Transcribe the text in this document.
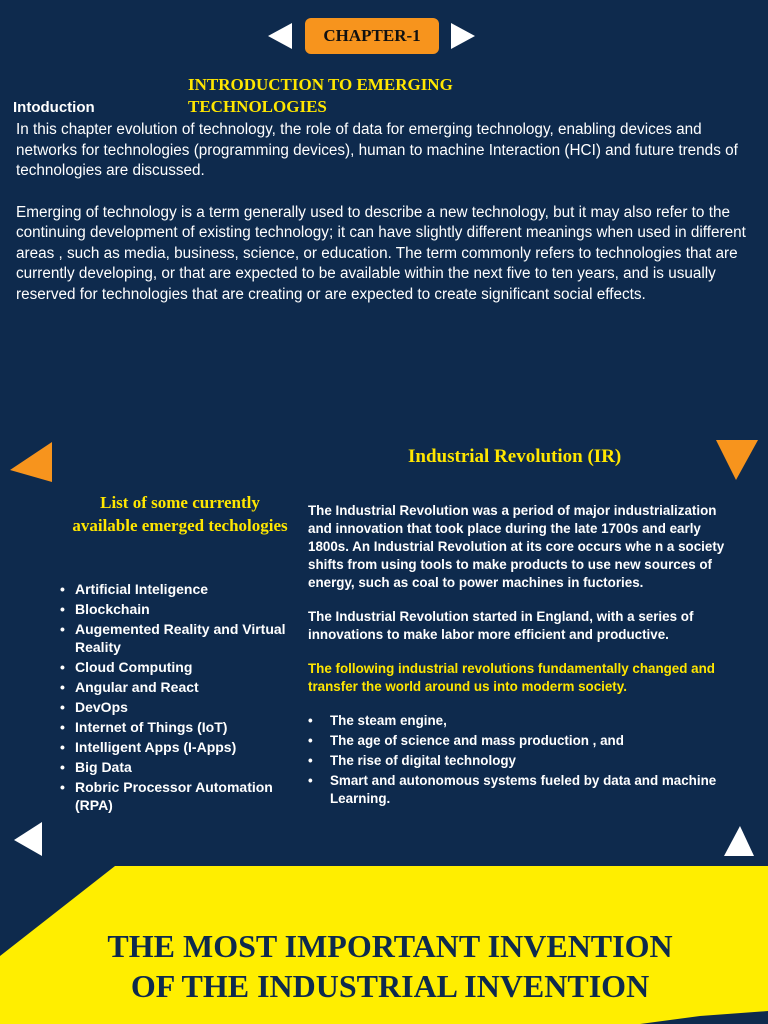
CHAPTER-1
INTRODUCTION TO EMERGING TECHNOLOGIES
Intoduction

In this chapter evolution of technology, the role of data for emerging technology, enabling devices and networks for technologies (programming devices), human to machine Interaction (HCI) and future trends of technologies are discussed.

Emerging of technology is a term generally used to describe a new technology, but it may also refer to the continuing development of existing technology; it can have slightly different meanings when used in different areas , such as media, business, science, or education. The term commonly refers to technologies that are currently developing, or that are expected to be available within the next five to ten years, and is usually reserved for technologies that are creating or are expected to create significant social effects.

List of some currently available emerged techologies
• Artificial Inteligence
• Blockchain
• Augemented Reality and Virtual Reality
• Cloud Computing
• Angular and React
• DevOps
• Internet of Things (IoT)
• Intelligent Apps (I-Apps)
• Big Data
• Robric Processor Automation (RPA)
Industrial Revolution (IR)

The Industrial Revolution was a period of major industrialization and innovation that took place during the late 1700s and early 1800s. An Industrial Revolution at its core occurs whe n a society shifts from using tools to make products to use new sources of energy, such as coal to power machines in fuctories.

The Industrial Revolution started in England, with a series of innovations to make labor more efficient and productive.

The following industrial revolutions fundamentally changed and transfer the world around us into moderm society.

• The steam engine,
• The age of science and mass production , and
• The rise of digital technology
• Smart and autonomous systems fueled by data and machine Learning.
THE MOST IMPORTANT INVENTION
OF THE INDUSTRIAL INVENTION
